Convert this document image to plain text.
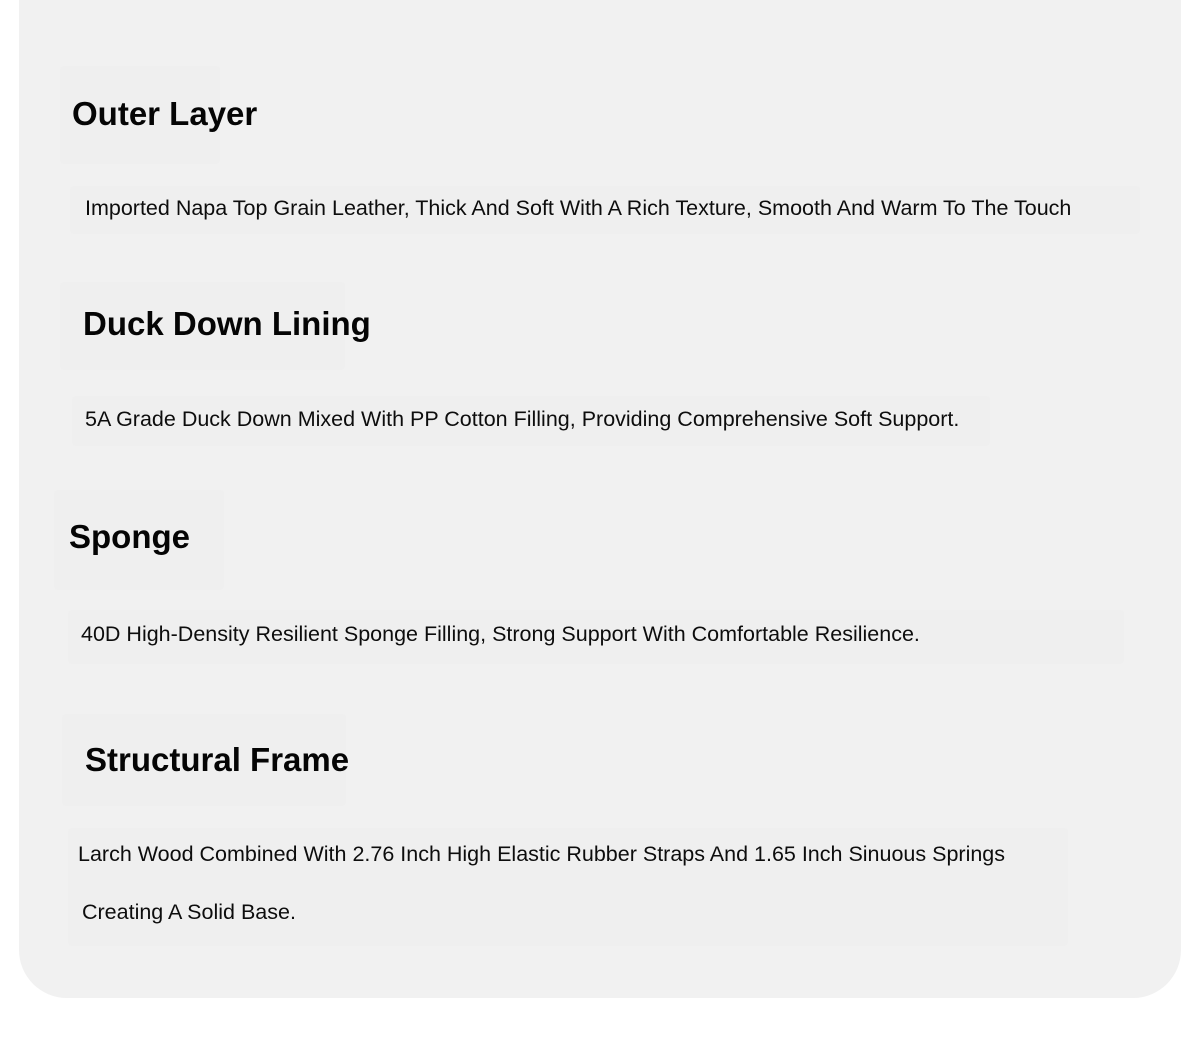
Outer Layer

Imported Napa Top Grain Leather, Thick And Soft With A Rich Texture, Smooth And Warm To The Touch

Duck Down Lining

5A Grade Duck Down Mixed With PP Cotton Filling, Providing Comprehensive Soft Support.

Sponge

40D High-Density Resilient Sponge Filling, Strong Support With Comfortable Resilience.

Structural Frame

Larch Wood Combined With 2.76 Inch High Elastic Rubber Straps And 1.65 Inch Sinuous Springs

Creating A Solid Base.
